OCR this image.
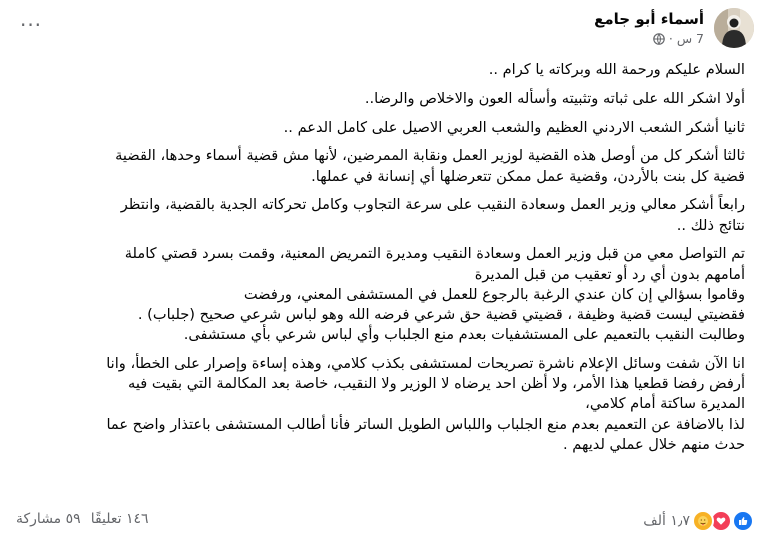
أسماء أبو جامع
7 س
·
···

السلام عليكم ورحمة الله وبركاته يا كرام ..

أولا اشكر الله على ثباته وتثبيته وأسأله العون والاخلاص والرضا..

ثانيا أشكر الشعب الاردني العظيم والشعب العربي الاصيل على كامل الدعم ..

ثالثا أشكر كل من أوصل هذه القضية لوزير العمل ونقابة الممرضين، لأنها مش قضية أسماء وحدها، القضية
قضية كل بنت بالأردن، وقضية عمل ممكن تتعرضلها أي إنسانة في عملها.

رابعاً أشكر معالي وزير العمل وسعادة النقيب على سرعة التجاوب وكامل تحركاته الجدية بالقضية، وانتظر
نتائج ذلك ..

تم التواصل معي من قبل وزير العمل وسعادة النقيب ومديرة التمريض المعنية، وقمت بسرد قصتي كاملة
أمامهم بدون أي رد أو تعقيب من قبل المديرة
وقاموا بسؤالي إن كان عندي الرغبة بالرجوع للعمل في المستشفى المعني، ورفضت
فقضيتي ليست قضية وظيفة ، قضيتي قضية حق شرعي فرضه الله وهو لباس شرعي صحيح (جلباب) .
وطالبت النقيب بالتعميم على المستشفيات بعدم منع الجلباب وأي لباس شرعي بأي مستشفى.

انا الآن شفت وسائل الإعلام ناشرة تصريحات لمستشفى بكذب كلامي، وهذه إساءة وإصرار على الخطأ، وانا
أرفض رفضا قطعيا هذا الأمر، ولا أظن احد يرضاه لا الوزير ولا النقيب، خاصة بعد المكالمة التي بقيت فيه
المديرة ساكتة أمام كلامي،
لذا بالاضافة عن التعميم بعدم منع الجلباب واللباس الطويل الساتر فأنا أطالب المستشفى باعتذار واضح عما
حدث منهم خلال عملي لديهم .

١٫٧ ألف
١٤٦ تعليقًا
٥٩ مشاركة
